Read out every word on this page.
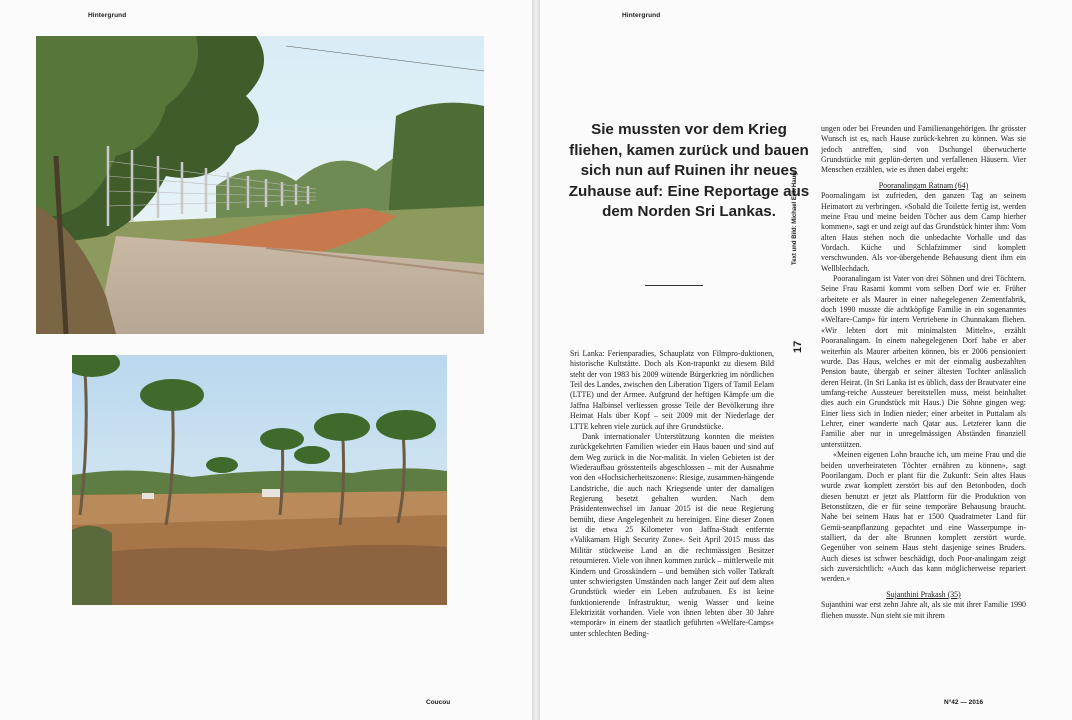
Hintergrund
Coucou
Hintergrund
Sie mussten vor dem Krieg fliehen, kamen zurück und bauen sich nun auf Ruinen ihr neues Zuhause auf: Eine Reportage aus dem Norden Sri Lankas.	Text und Bild: Michael Erik Haug
17

Sri Lanka: Ferienparadies, Schauplatz von Filmpro-duktionen, historische Kultstätte. Doch als Kon-trapunkt zu diesem Bild steht der von 1983 bis 2009 wütende Bürgerkrieg im nördlichen Teil des Landes, zwischen den Liberation Tigers of Tamil Eelam (LTTE) und der Armee. Aufgrund der heftigen Kämpfe um die Jaffna Halbinsel verliessen grosse Teile der Bevölkerung ihre Heimat Hals über Kopf – seit 2009 mit der Niederlage der LTTE kehren viele zurück auf ihre Grundstücke.

Dank internationaler Unterstützung konnten die meisten zurückgekehrten Familien wieder ein Haus bauen und sind auf dem Weg zurück in die Nor-malität. In vielen Gebieten ist der Wiederaufbau grösstenteils abgeschlossen – mit der Ausnahme von den «Hochsicherheitszonen»: Riesige, zusammen-hängende Landstriche, die auch nach Kriegsende unter der damaligen Regierung besetzt gehalten wurden. Nach dem Präsidentenwechsel im Januar 2015 ist die neue Regierung bemüht, diese Angelegenheit zu bereinigen. Eine dieser Zonen ist die etwa 25 Kilometer von Jaffna-Stadt entfernte «Valikamam High Security Zone». Seit April 2015 muss das Militär stückweise Land an die rechtmässigen Besitzer retournieren. Viele von ihnen kommen zurück – mittlerweile mit Kindern und Grosskindern – und bemühen sich voller Tatkraft unter schwierigsten Umständen nach langer Zeit auf dem alten Grundstück wieder ein Leben aufzubauen. Es ist keine funktionierende Infrastruktur, wenig Wasser und keine Elektrizität vorhanden. Viele von ihnen lebten über 30 Jahre «temporär» in einem der staatlich geführten «Welfare-Camps» unter schlechten Beding-

ungen oder bei Freunden und Familienangehörigen. Ihr grösster Wunsch ist es, nach Hause zurück-kehren zu können. Was sie jedoch antreffen, sind von Dschungel überwucherte Grundstücke mit geplün-derten und verfallenen Häusern. Vier Menschen erzählen, wie es ihnen dabei ergeht:

Pooranalingam Ratnam (64)

Poornalingam ist zufrieden, den ganzen Tag an seinem Heimatort zu verbringen. «Sobald die Toilette fertig ist, werden meine Frau und meine beiden Töcher aus dem Camp hierher kommen», sagt er und zeigt auf das Grundstück hinter ihm: Vom alten Haus stehen noch die unbedachte Vorhalle und das Vordach. Küche und Schlafzimmer sind komplett verschwunden. Als vor-übergehende Behausung dient ihm ein Wellblechdach.

Pooranalingam ist Vater von drei Söhnen und drei Töchtern. Seine Frau Rasami kommt vom selben Dorf wie er. Früher arbeitete er als Maurer in einer nahegelegenen Zementfabrik, doch 1990 musste die achtköpfige Familie in ein sogenanntes «Welfare-Camp» für intern Vertriebene in Chunnakam fliehen. «Wir lebten dort mit minimalsten Mitteln», erzählt Pooranalingam. In einem nahegelegenen Dorf habe er aber weiterhin als Maurer arbeiten können, bis er 2006 pensioniert wurde. Das Haus, welches er mit der einmalig ausbezahlten Pension baute, übergab er seiner ältesten Tochter anlässlich deren Heirat. (In Sri Lanka ist es üblich, dass der Brautvater eine umfang-reiche Aussteuer bereitstellen muss, meist beinhaltet dies auch ein Grundstück mit Haus.) Die Söhne gingen weg: Einer liess sich in Indien nieder; einer arbeitet in Puttalam als Lehrer, einer wanderte nach Qatar aus. Letzterer kann die Familie aber nur in unregelmässigen Abständen finanziell unterstützen.

«Meinen eigenen Lohn brauche ich, um meine Frau und die beiden unverheirateten Töchter ernähren zu können», sagt Poorilangam. Doch er plant für die Zukunft: Sein altes Haus wurde zwar komplett zerstört bis auf den Betonboden, doch diesen benutzt er jetzt als Plattform für die Produktion von Betonstützen, die er für seine temporäre Behausung braucht. Nahe bei seinem Haus hat er 1500 Quadratmeter Land für Gemü-seanpflanzung gepachtet und eine Wasserpumpe in-stalliert, da der alte Brunnen komplett zerstört wurde. Gegenüber von seinem Haus steht dasjenige seines Bruders. Auch dieses ist schwer beschädigt, doch Poor-analingam zeigt sich zuversichtlich: «Auch das kann möglicherweise repariert werden.»

Sujanthini Prakash (35)

Sujanthini war erst zehn Jahre alt, als sie mit ihrer Familie 1990 fliehen musste. Nun steht sie mit ihrem

N°42 — 2016
